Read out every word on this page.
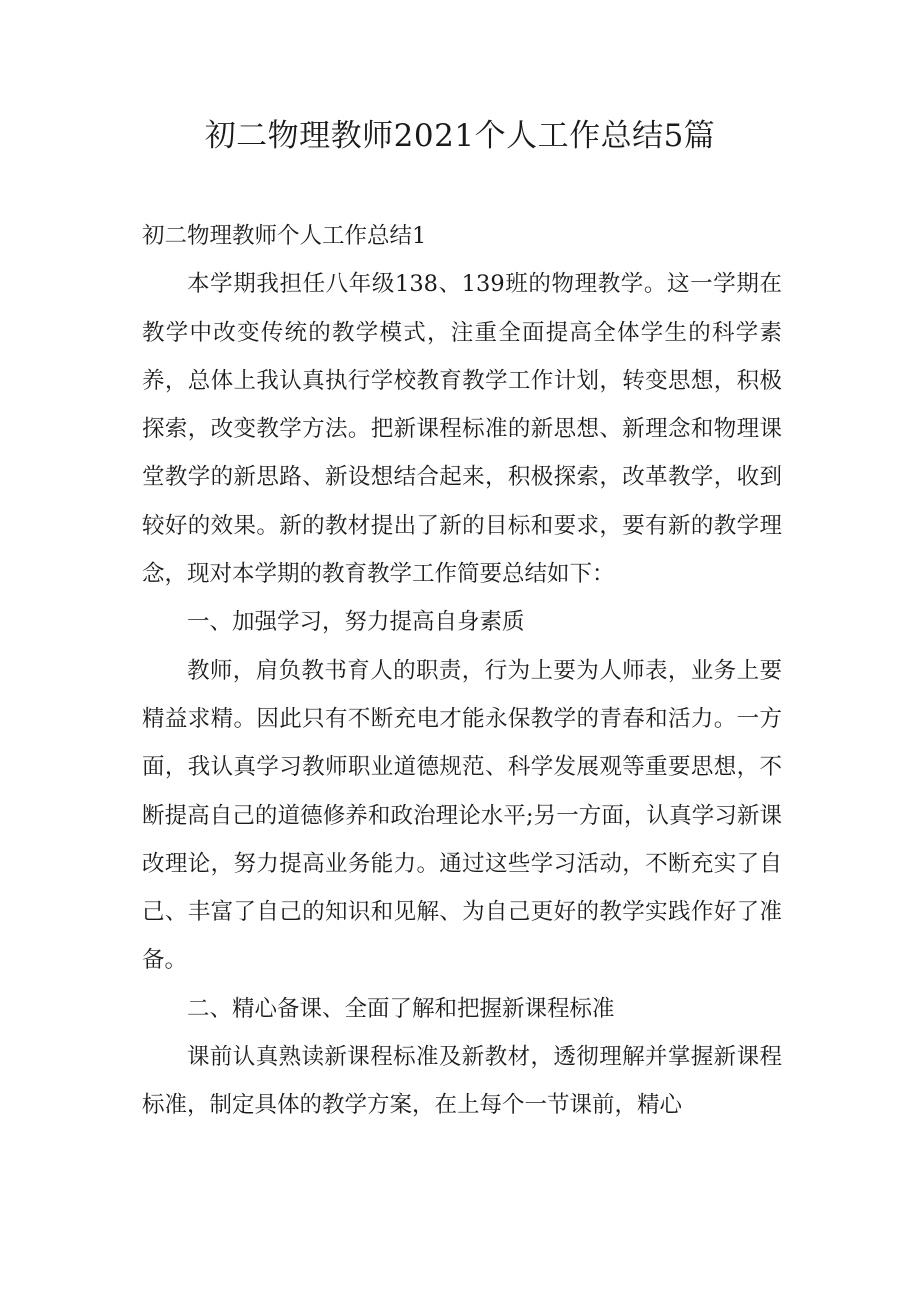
初二物理教师2021个人工作总结5篇

初二物理教师个人工作总结1

本学期我担任八年级138、139班的物理教学。这一学期在教学中改变传统的教学模式，注重全面提高全体学生的科学素养，总体上我认真执行学校教育教学工作计划，转变思想，积极探索，改变教学方法。把新课程标准的新思想、新理念和物理课堂教学的新思路、新设想结合起来，积极探索，改革教学，收到较好的效果。新的教材提出了新的目标和要求，要有新的教学理念，现对本学期的教育教学工作简要总结如下：

一、加强学习，努力提高自身素质

教师，肩负教书育人的职责，行为上要为人师表，业务上要精益求精。因此只有不断充电才能永保教学的青春和活力。一方面，我认真学习教师职业道德规范、科学发展观等重要思想，不断提高自己的道德修养和政治理论水平;另一方面，认真学习新课改理论，努力提高业务能力。通过这些学习活动，不断充实了自己、丰富了自己的知识和见解、为自己更好的教学实践作好了准备。

二、精心备课、全面了解和把握新课程标准

课前认真熟读新课程标准及新教材，透彻理解并掌握新课程标准，制定具体的教学方案，在上每个一节课前，精心
